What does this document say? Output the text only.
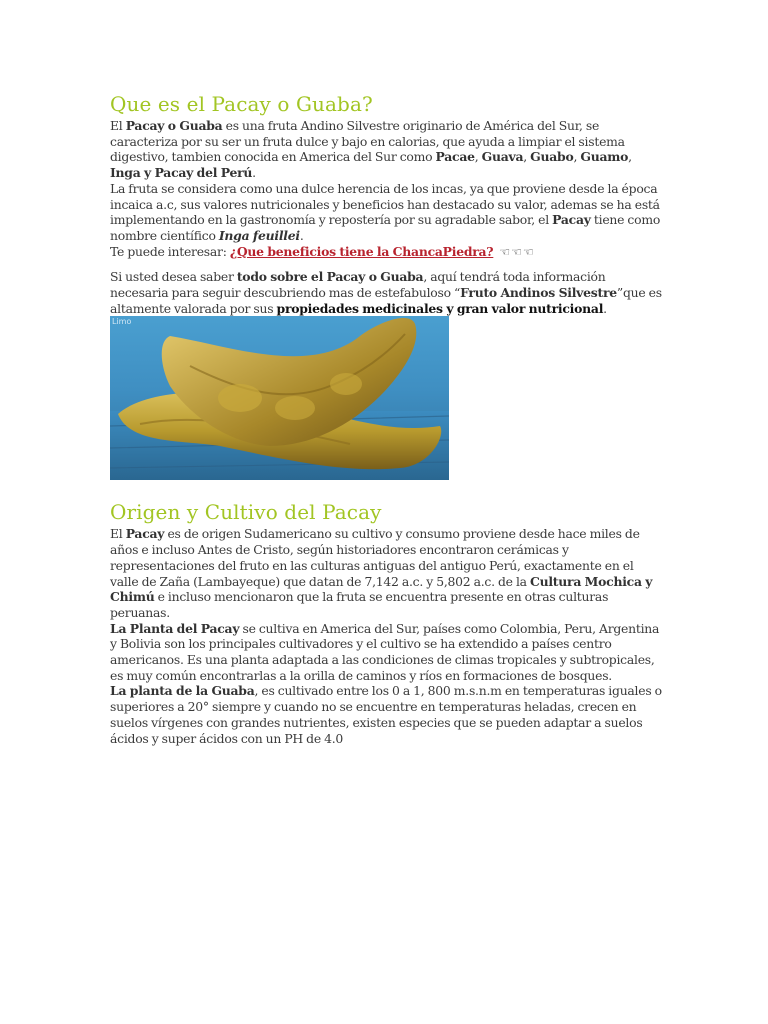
Que es el Pacay o Guaba?

El Pacay o Guaba es una fruta Andino Silvestre originario de América del Sur, se caracteriza por su ser un fruta dulce y bajo en calorias, que ayuda a limpiar el sistema digestivo, tambien conocida en America del Sur como Pacae, Guava, Guabo, Guamo, Inga y Pacay del Perú.

La fruta se considera como una dulce herencia de los incas, ya que proviene desde la época incaica a.c, sus valores nutricionales y beneficios han destacado su valor, ademas se ha está implementando en la gastronomía y repostería por su agradable sabor, el Pacay tiene como nombre científico Inga feuillei.

Te puede interesar: ¿Que beneficios tiene la ChancaPiedra? ☜☜☜

Si usted desea saber todo sobre el Pacay o Guaba, aquí tendrá toda información necesaria para seguir descubriendo mas de estefabuloso “Fruto Andinos Silvestre”que es altamente valorada por sus propiedades medicinales y gran valor nutricional.

Limo
Origen y Cultivo del Pacay

El Pacay es de origen Sudamericano su cultivo y consumo proviene desde hace miles de años e incluso Antes de Cristo, según historiadores encontraron cerámicas y representaciones del fruto en las culturas antiguas del antiguo Perú, exactamente en el valle de Zaña (Lambayeque) que datan de 7,142 a.c. y 5,802 a.c. de la Cultura Mochica y Chimú e incluso mencionaron que la fruta se encuentra presente en otras culturas peruanas.

La Planta del Pacay se cultiva en America del Sur, países como Colombia, Peru, Argentina y Bolivia son los principales cultivadores y el cultivo se ha extendido a países centro americanos. Es una planta adaptada a las condiciones de climas tropicales y subtropicales, es muy común encontrarlas a la orilla de caminos y ríos en formaciones de bosques.

La planta de la Guaba, es cultivado entre los 0 a 1, 800 m.s.n.m en temperaturas iguales o superiores a 20° siempre y cuando no se encuentre en temperaturas heladas, crecen en suelos vírgenes con grandes nutrientes, existen especies que se pueden adaptar a suelos ácidos y super ácidos con un PH de 4.0
